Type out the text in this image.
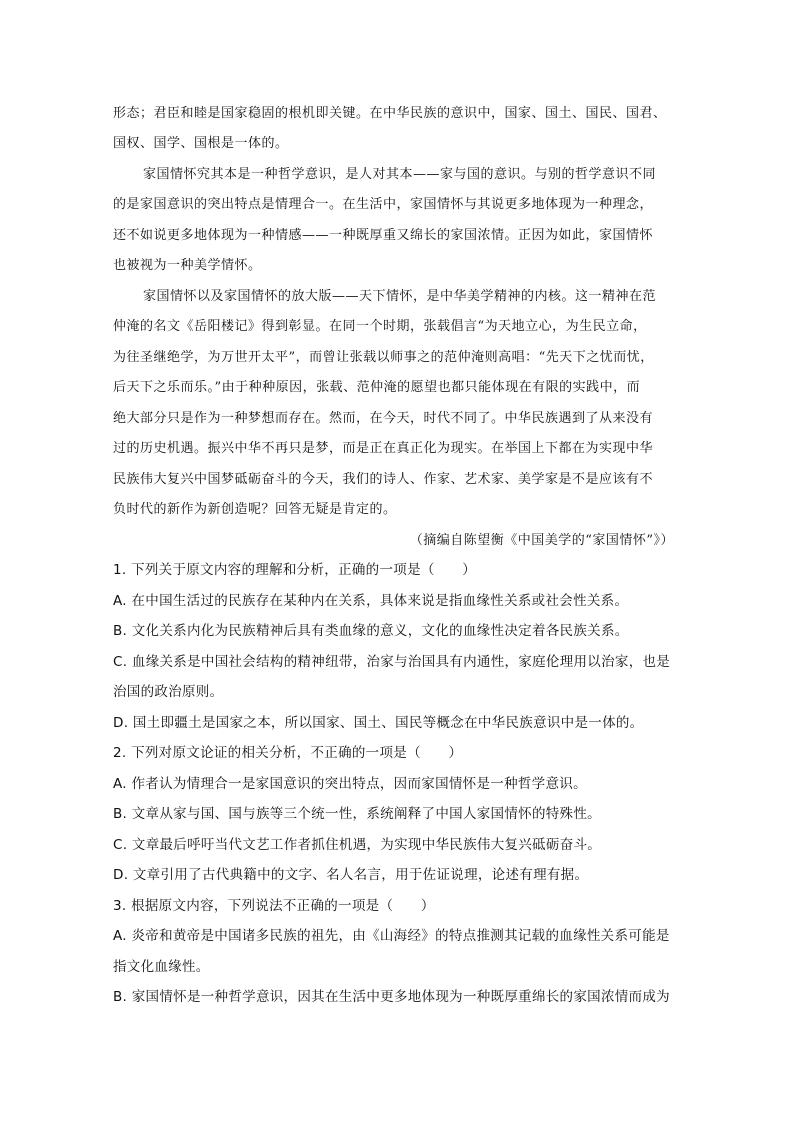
形态；君臣和睦是国家稳固的根机即关键。在中华民族的意识中，国家、国土、国民、国君、
国权、国学、国根是一体的。
家国情怀究其本是一种哲学意识，是人对其本——家与国的意识。与别的哲学意识不同
的是家国意识的突出特点是情理合一。在生活中，家国情怀与其说更多地体现为一种理念，
还不如说更多地体现为一种情感——一种既厚重又绵长的家国浓情。正因为如此，家国情怀
也被视为一种美学情怀。
家国情怀以及家国情怀的放大版——天下情怀，是中华美学精神的内核。这一精神在范
仲淹的名文《岳阳楼记》得到彰显。在同一个时期，张载倡言“为天地立心，为生民立命，
为往圣继绝学，为万世开太平”，而曾让张载以师事之的范仲淹则高唱：“先天下之忧而忧，
后天下之乐而乐。”由于种种原因，张载、范仲淹的愿望也都只能体现在有限的实践中，而
绝大部分只是作为一种梦想而存在。然而，在今天，时代不同了。中华民族遇到了从来没有
过的历史机遇。振兴中华不再只是梦，而是正在真正化为现实。在举国上下都在为实现中华
民族伟大复兴中国梦砥砺奋斗的今天，我们的诗人、作家、艺术家、美学家是不是应该有不
负时代的新作为新创造呢？回答无疑是肯定的。
（摘编自陈望衡《中国美学的“家国情怀”》）
1. 下列关于原文内容的理解和分析，正确的一项是（　　）
A. 在中国生活过的民族存在某种内在关系，具体来说是指血缘性关系或社会性关系。
B. 文化关系内化为民族精神后具有类血缘的意义，文化的血缘性决定着各民族关系。
C. 血缘关系是中国社会结构的精神纽带，治家与治国具有内通性，家庭伦理用以治家，也是
治国的政治原则。
D. 国土即疆土是国家之本，所以国家、国土、国民等概念在中华民族意识中是一体的。
2. 下列对原文论证的相关分析，不正确的一项是（　　）
A. 作者认为情理合一是家国意识的突出特点，因而家国情怀是一种哲学意识。
B. 文章从家与国、国与族等三个统一性，系统阐释了中国人家国情怀的特殊性。
C. 文章最后呼吁当代文艺工作者抓住机遇，为实现中华民族伟大复兴砥砺奋斗。
D. 文章引用了古代典籍中的文字、名人名言，用于佐证说理，论述有理有据。
3. 根据原文内容，下列说法不正确的一项是（　　）
A. 炎帝和黄帝是中国诸多民族的祖先，由《山海经》的特点推测其记载的血缘性关系可能是
指文化血缘性。
B. 家国情怀是一种哲学意识，因其在生活中更多地体现为一种既厚重绵长的家国浓情而成为
